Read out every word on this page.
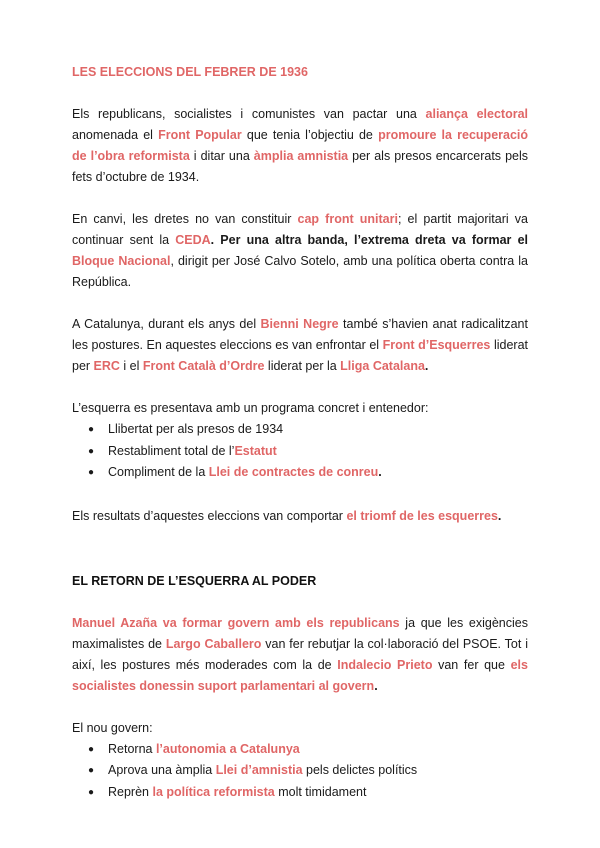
LES ELECCIONS DEL FEBRER DE 1936

Els republicans, socialistes i comunistes van pactar una aliança electoral anomenada el Front Popular que tenia l’objectiu de promoure la recuperació de l’obra reformista i ditar una àmplia amnistia per als presos encarcerats pels fets d’octubre de 1934.

En canvi, les dretes no van constituir cap front unitari; el partit majoritari va continuar sent la CEDA. Per una altra banda, l’extrema dreta va formar el Bloque Nacional, dirigit per José Calvo Sotelo, amb una política oberta contra la República.

A Catalunya, durant els anys del Bienni Negre també s’havien anat radicalitzant les postures. En aquestes eleccions es van enfrontar el Front d’Esquerres liderat per ERC i el Front Català d’Ordre liderat per la Lliga Catalana.

L’esquerra es presentava amb un programa concret i entenedor:

● Llibertat per als presos de 1934
● Restabliment total de l’Estatut
● Compliment de la Llei de contractes de conreu.

Els resultats d’aquestes eleccions van comportar el triomf de les esquerres.

EL RETORN DE L’ESQUERRA AL PODER

Manuel Azaña va formar govern amb els republicans ja que les exigències maximalistes de Largo Caballero van fer rebutjar la col·laboració del PSOE. Tot i així, les postures més moderades com la de Indalecio Prieto van fer que els socialistes donessin suport parlamentari al govern.

El nou govern:

● Retorna l’autonomia a Catalunya
● Aprova una àmplia Llei d’amnistia pels delictes polítics
● Reprèn la política reformista molt timidament
